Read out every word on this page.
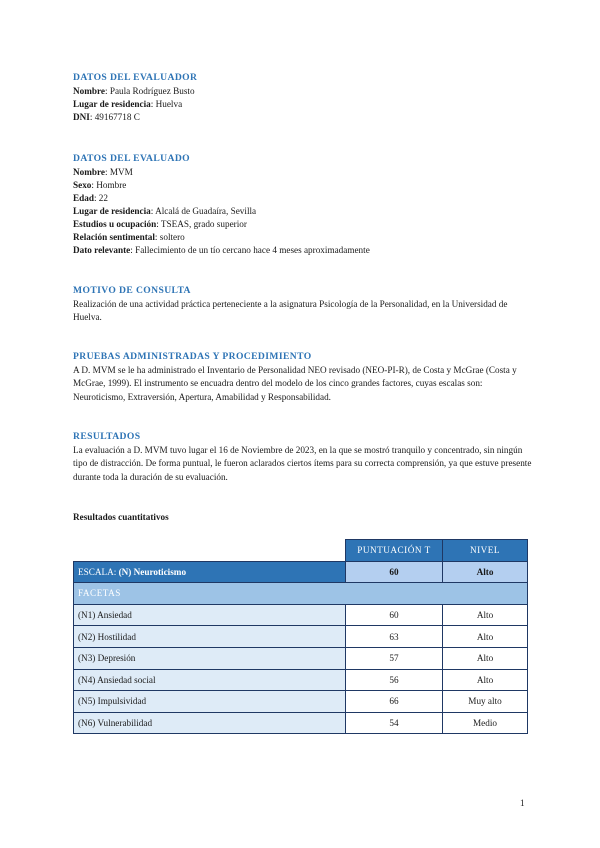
DATOS DEL EVALUADOR
Nombre: Paula Rodríguez Busto
Lugar de residencia: Huelva
DNI: 49167718 C
DATOS DEL EVALUADO
Nombre: MVM
Sexo: Hombre
Edad: 22
Lugar de residencia: Alcalá de Guadaíra, Sevilla
Estudios u ocupación: TSEAS, grado superior
Relación sentimental: soltero
Dato relevante: Fallecimiento de un tío cercano hace 4 meses aproximadamente
MOTIVO DE CONSULTA
Realización de una actividad práctica perteneciente a la asignatura Psicología de la Personalidad, en la Universidad de Huelva.
PRUEBAS ADMINISTRADAS Y PROCEDIMIENTO
A D. MVM se le ha administrado el Inventario de Personalidad NEO revisado (NEO-PI-R), de Costa y McGrae (Costa y McGrae, 1999). El instrumento se encuadra dentro del modelo de los cinco grandes factores, cuyas escalas son: Neuroticismo, Extraversión, Apertura, Amabilidad y Responsabilidad.
RESULTADOS
La evaluación a D. MVM tuvo lugar el 16 de Noviembre de 2023, en la que se mostró tranquilo y concentrado, sin ningún tipo de distracción. De forma puntual, le fueron aclarados ciertos ítems para su correcta comprensión, ya que estuve presente durante toda la duración de su evaluación.
Resultados cuantitativos
	PUNTUACIÓN T	NIVEL
ESCALA: (N) Neuroticismo	60	Alto
FACETAS		
(N1) Ansiedad	60	Alto
(N2) Hostilidad	63	Alto
(N3) Depresión	57	Alto
(N4) Ansiedad social	56	Alto
(N5) Impulsividad	66	Muy alto
(N6) Vulnerabilidad	54	Medio
1
